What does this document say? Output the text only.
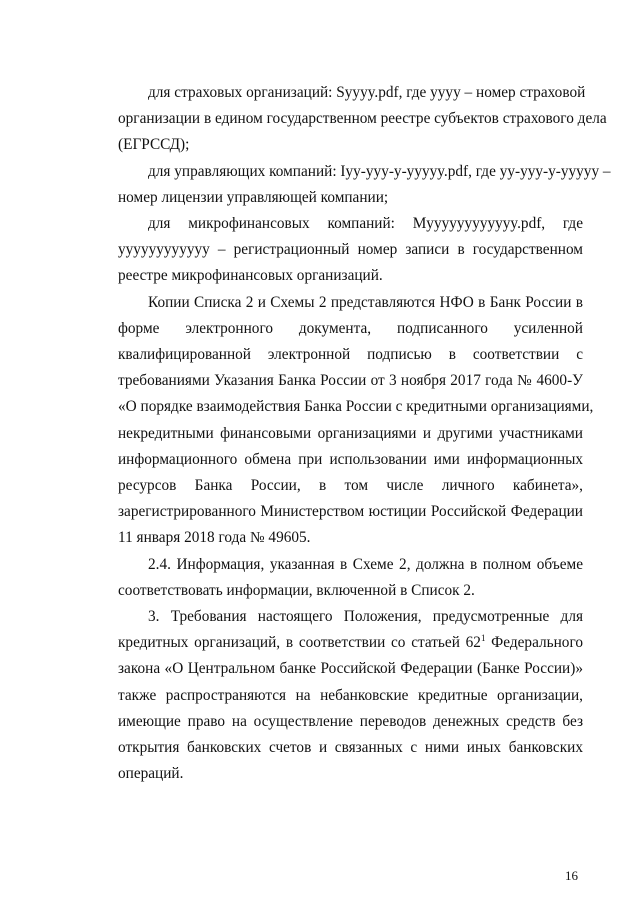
для страховых организаций: Syyyy.pdf, где yyyy – номер страховой
организации в едином государственном реестре субъектов страхового дела
(ЕГРССД);

для управляющих компаний: Iyy-yyy-y-yyyyy.pdf, где yy-yyy-y-yyyyy –
номер лицензии управляющей компании;

для микрофинансовых компаний: Myyyyyyyyyyyy.pdf, где
yyyyyyyyyyyy – регистрационный номер записи в государственном
реестре микрофинансовых организаций.

Копии Списка 2 и Схемы 2 представляются НФО в Банк России в
форме электронного документа, подписанного усиленной
квалифицированной электронной подписью в соответствии с
требованиями Указания Банка России от 3 ноября 2017 года № 4600-У
«О порядке взаимодействия Банка России с кредитными организациями,
некредитными финансовыми организациями и другими участниками
информационного обмена при использовании ими информационных
ресурсов Банка России, в том числе личного кабинета»,
зарегистрированного Министерством юстиции Российской Федерации
11 января 2018 года № 49605.

2.4. Информация, указанная в Схеме 2, должна в полном объеме
соответствовать информации, включенной в Список 2.

3. Требования настоящего Положения, предусмотренные для
кредитных организаций, в соответствии со статьей $62^1$ Федерального
закона «О Центральном банке Российской Федерации (Банке России)»
также распространяются на небанковские кредитные организации,
имеющие право на осуществление переводов денежных средств без
открытия банковских счетов и связанных с ними иных банковских
операций.

16
